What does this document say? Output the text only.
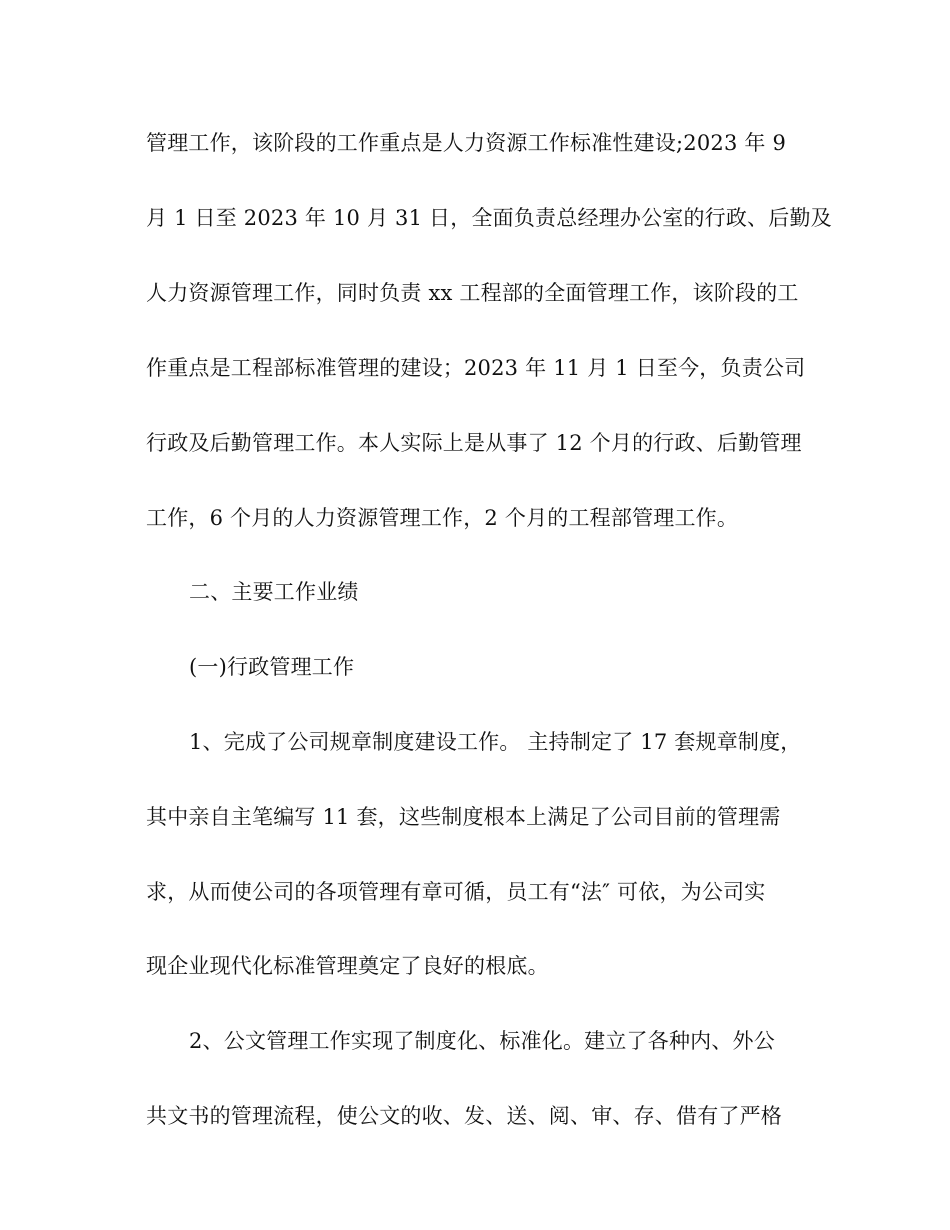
管理工作，该阶段的工作重点是人力资源工作标准性建设;2023 年 9
月 1 日至 2023 年 10 月 31 日，全面负责总经理办公室的行政、后勤及
人力资源管理工作，同时负责 xx 工程部的全面管理工作，该阶段的工
作重点是工程部标准管理的建设；2023 年 11 月 1 日至今，负责公司
行政及后勤管理工作。本人实际上是从事了 12 个月的行政、后勤管理
工作，6 个月的人力资源管理工作，2 个月的工程部管理工作。
二、主要工作业绩
(一)行政管理工作
1、完成了公司规章制度建设工作。 主持制定了 17 套规章制度，
其中亲自主笔编写 11 套，这些制度根本上满足了公司目前的管理需
求，从而使公司的各项管理有章可循，员工有“法″ 可依，为公司实
现企业现代化标准管理奠定了良好的根底。
2、公文管理工作实现了制度化、标准化。建立了各种内、外公
共文书的管理流程，使公文的收、发、送、阅、审、存、借有了严格
